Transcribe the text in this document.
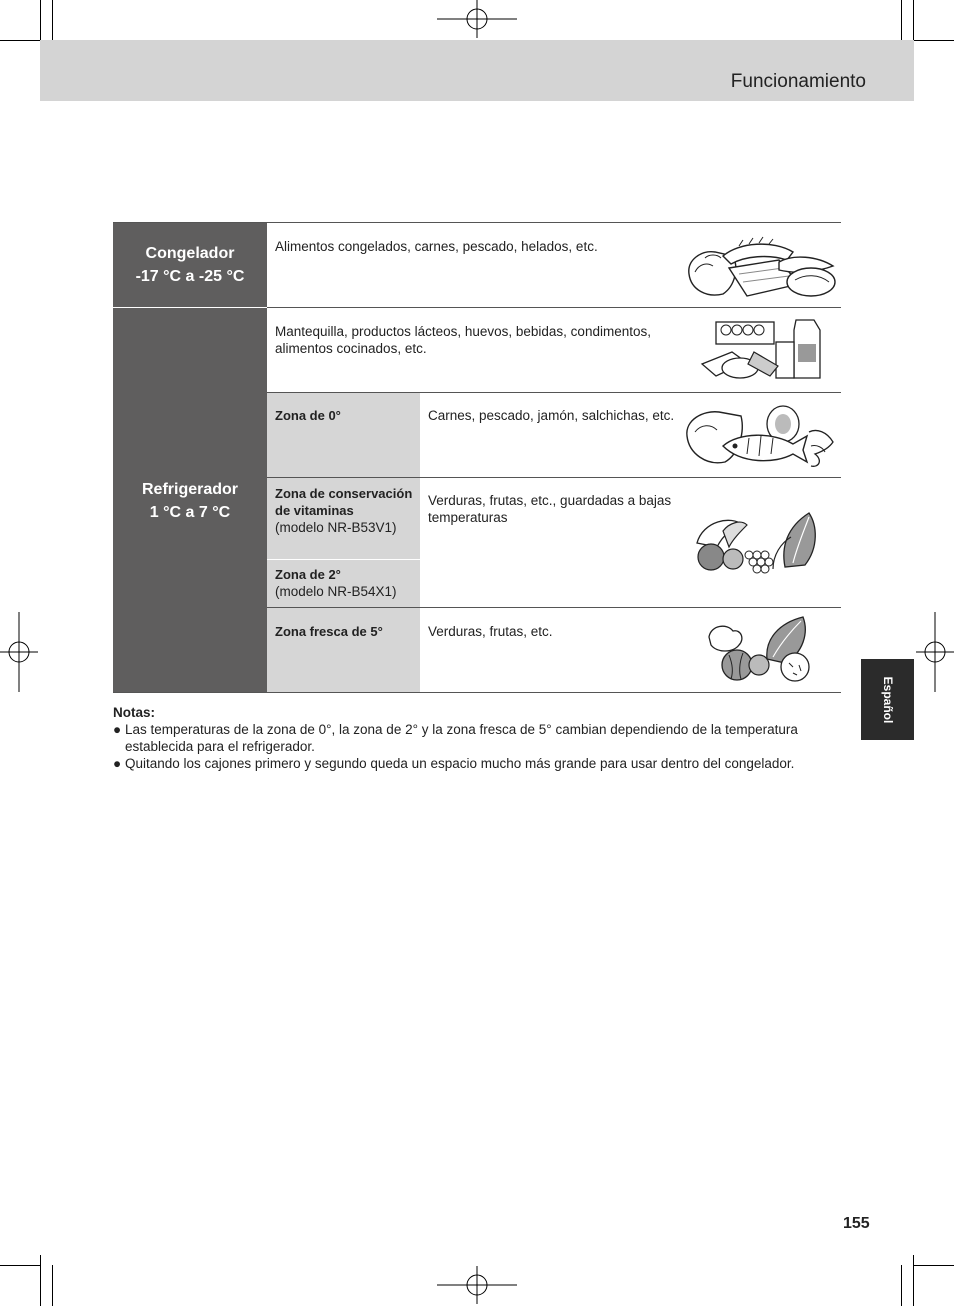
Funcionamiento
Español
Congelador
-17 °C a -25 °C
Refrigerador
1 °C a 7 °C
Zona de 0°
Zona de conservación de vitaminas
(modelo NR-B53V1)
Zona de 2°
(modelo NR-B54X1)
Zona fresca de 5°
Alimentos congelados, carnes, pescado, helados, etc.
Mantequilla, productos lácteos, huevos, bebidas, condimentos, alimentos cocinados, etc.
Carnes, pescado, jamón, salchichas, etc.
Verduras, frutas, etc., guardadas a bajas temperaturas
Verduras, frutas, etc.
Notas:
● Las temperaturas de la zona de 0°, la zona de 2° y la zona fresca de 5° cambian dependiendo de la temperatura establecida para el refrigerador.
● Quitando los cajones primero y segundo queda un espacio mucho más grande para usar dentro del congelador.
155
